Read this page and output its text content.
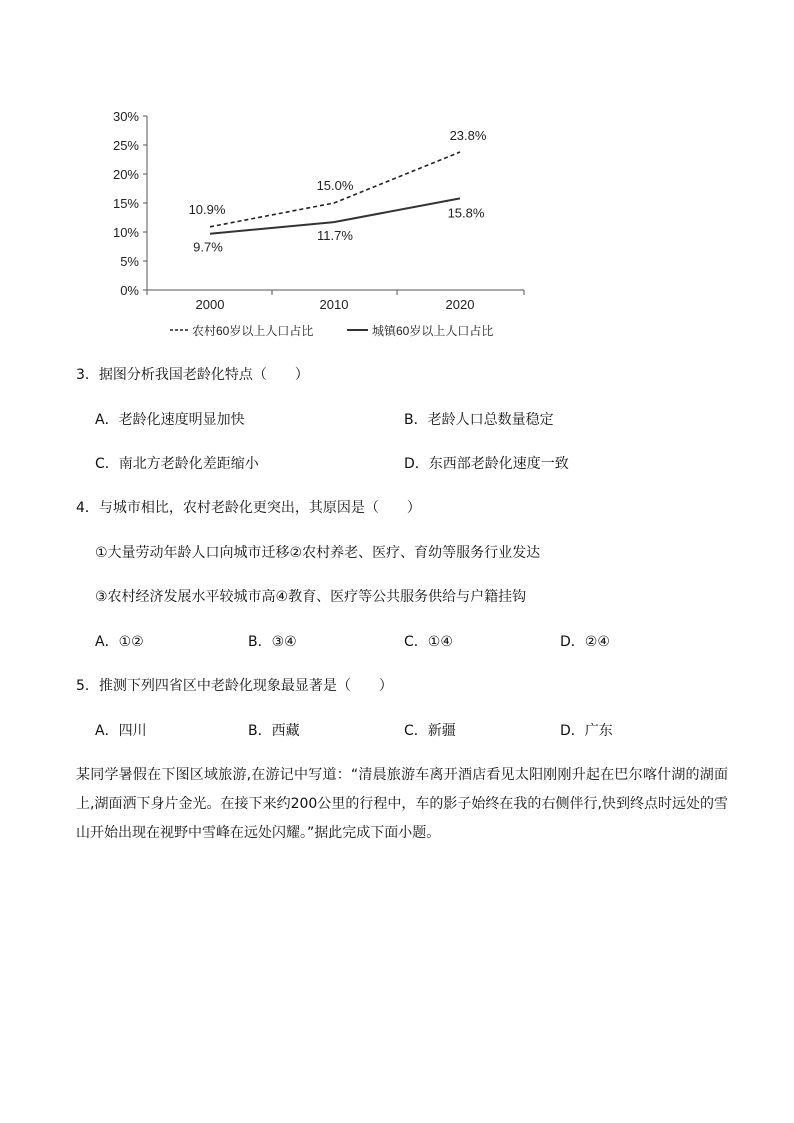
0%
5%
10%
15%
20%
25%
30%
2000	2010	2020
10.9%
15.0%
23.8%
9.7%
11.7%
15.8%
农村60岁以上人口占比	城镇60岁以上人口占比
3．据图分析我国老龄化特点（　　）
A．老龄化速度明显加快	B．老龄人口总数量稳定
C．南北方老龄化差距缩小	D．东西部老龄化速度一致
4．与城市相比，农村老龄化更突出，其原因是（　　）
①大量劳动年龄人口向城市迁移②农村养老、医疗、育幼等服务行业发达
③农村经济发展水平较城市高④教育、医疗等公共服务供给与户籍挂钩
A．①②	B．③④	C．①④	D．②④
5．推测下列四省区中老龄化现象最显著是（　　）
A．四川	B．西藏	C．新疆	D．广东
某同学暑假在下图区域旅游,在游记中写道：“清晨旅游车离开酒店看见太阳刚刚升起在巴尔喀什湖的湖面上,湖面洒下身片金光。在接下来约200公里的行程中，车的影子始终在我的右侧伴行,快到终点时远处的雪山开始出现在视野中雪峰在远处闪耀。”据此完成下面小题。
